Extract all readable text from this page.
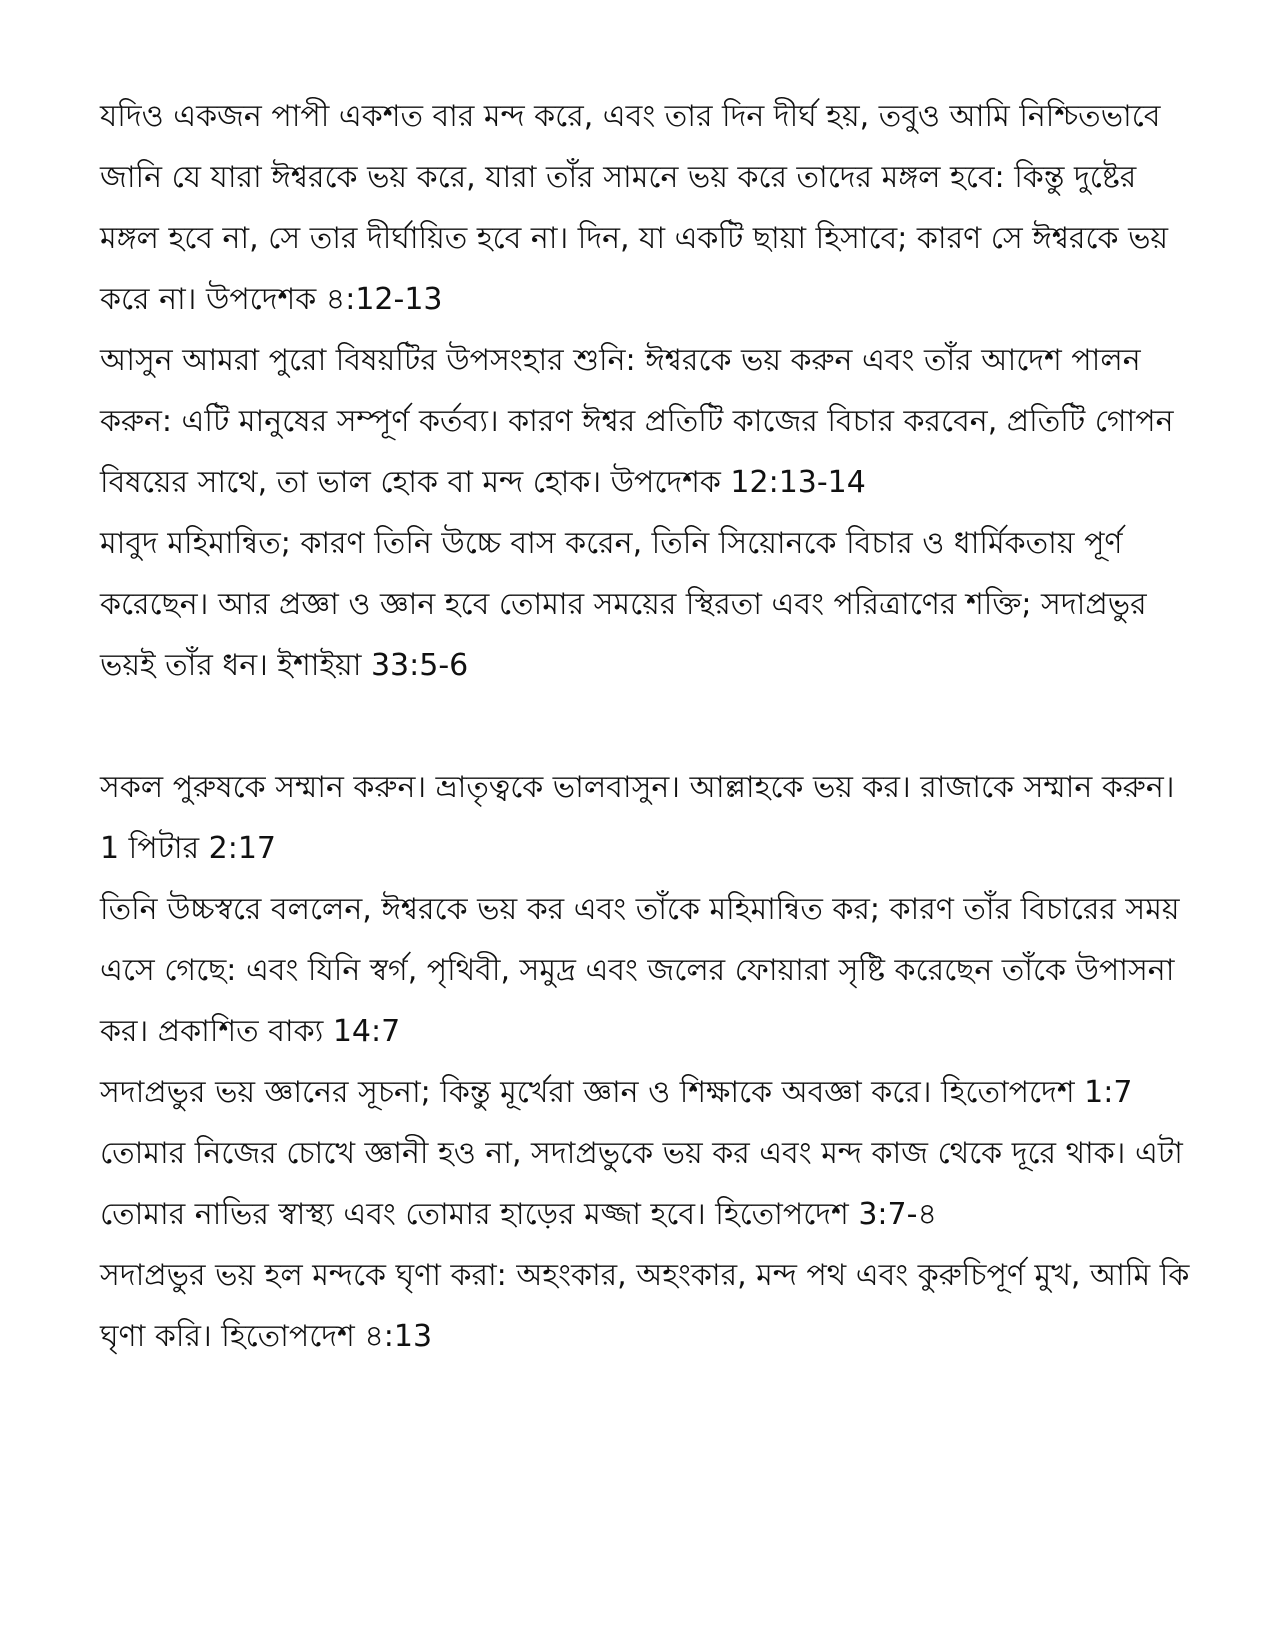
যদিও একজন পাপী একশত বার মন্দ করে, এবং তার দিন দীর্ঘ হয়, তবুও আমি নিশ্চিতভাবে জানি যে যারা ঈশ্বরকে ভয় করে, যারা তাঁর সামনে ভয় করে তাদের মঙ্গল হবে: কিন্তু দুষ্টের মঙ্গল হবে না, সে তার দীর্ঘায়িত হবে না। দিন, যা একটি ছায়া হিসাবে; কারণ সে ঈশ্বরকে ভয় করে না। উপদেশক ৪:12-13

আসুন আমরা পুরো বিষয়টির উপসংহার শুনি: ঈশ্বরকে ভয় করুন এবং তাঁর আদেশ পালন করুন: এটি মানুষের সম্পূর্ণ কর্তব্য। কারণ ঈশ্বর প্রতিটি কাজের বিচার করবেন, প্রতিটি গোপন বিষয়ের সাথে, তা ভাল হোক বা মন্দ হোক। উপদেশক 12:13-14

মাবুদ মহিমান্বিত; কারণ তিনি উচ্চে বাস করেন, তিনি সিয়োনকে বিচার ও ধার্মিকতায় পূর্ণ করেছেন। আর প্রজ্ঞা ও জ্ঞান হবে তোমার সময়ের স্থিরতা এবং পরিত্রাণের শক্তি; সদাপ্রভুর ভয়ই তাঁর ধন। ইশাইয়া 33:5-6

সকল পুরুষকে সম্মান করুন। ভ্রাতৃত্বকে ভালবাসুন। আল্লাহকে ভয় কর। রাজাকে সম্মান করুন। 1 পিটার 2:17

তিনি উচ্চস্বরে বললেন, ঈশ্বরকে ভয় কর এবং তাঁকে মহিমান্বিত কর; কারণ তাঁর বিচারের সময় এসে গেছে: এবং যিনি স্বর্গ, পৃথিবী, সমুদ্র এবং জলের ফোয়ারা সৃষ্টি করেছেন তাঁকে উপাসনা কর। প্রকাশিত বাক্য 14:7

সদাপ্রভুর ভয় জ্ঞানের সূচনা; কিন্তু মূর্খেরা জ্ঞান ও শিক্ষাকে অবজ্ঞা করে। হিতোপদেশ 1:7

তোমার নিজের চোখে জ্ঞানী হও না, সদাপ্রভুকে ভয় কর এবং মন্দ কাজ থেকে দূরে থাক। এটা তোমার নাভির স্বাস্থ্য এবং তোমার হাড়ের মজ্জা হবে। হিতোপদেশ 3:7-৪

সদাপ্রভুর ভয় হল মন্দকে ঘৃণা করা: অহংকার, অহংকার, মন্দ পথ এবং কুরুচিপূর্ণ মুখ, আমি কি ঘৃণা করি। হিতোপদেশ ৪:13
